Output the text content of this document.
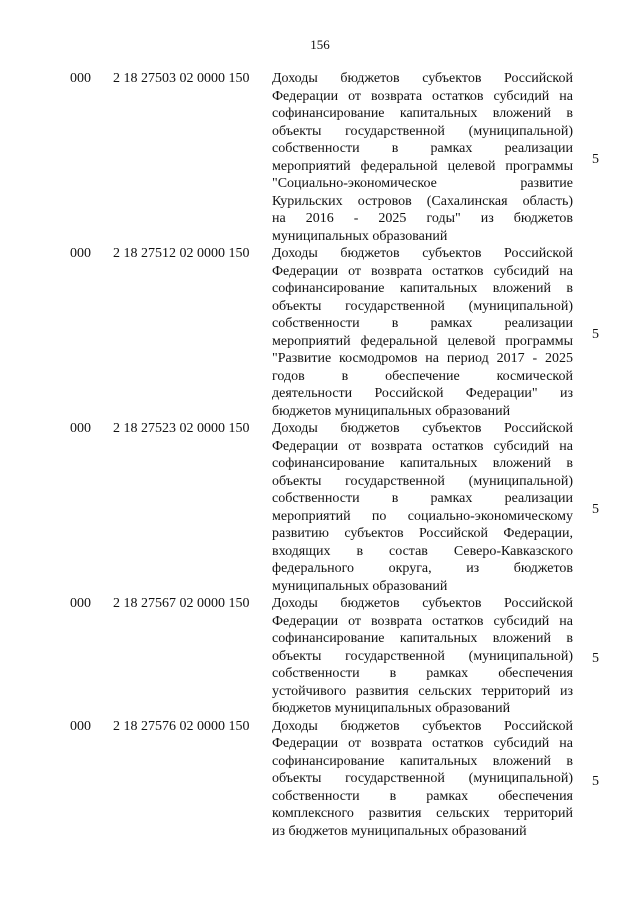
156
000 2 18 27503 02 0000 150 Доходы бюджетов субъектов Российской
Федерации от возврата остатков субсидий на
софинансирование капитальных вложений в
объекты государственной (муниципальной)
собственности в рамках реализации
мероприятий федеральной целевой программы
"Социально-экономическое развитие
Курильских островов (Сахалинская область)
на 2016 - 2025 годы" из бюджетов
муниципальных образований
5
000 2 18 27512 02 0000 150 Доходы бюджетов субъектов Российской
Федерации от возврата остатков субсидий на
софинансирование капитальных вложений в
объекты государственной (муниципальной)
собственности в рамках реализации
мероприятий федеральной целевой программы
"Развитие космодромов на период 2017 - 2025
годов в обеспечение космической
деятельности Российской Федерации" из
бюджетов муниципальных образований
5
000 2 18 27523 02 0000 150 Доходы бюджетов субъектов Российской
Федерации от возврата остатков субсидий на
софинансирование капитальных вложений в
объекты государственной (муниципальной)
собственности в рамках реализации
мероприятий по социально-экономическому
развитию субъектов Российской Федерации,
входящих в состав Северо-Кавказского
федерального округа, из бюджетов
муниципальных образований
5
000 2 18 27567 02 0000 150 Доходы бюджетов субъектов Российской
Федерации от возврата остатков субсидий на
софинансирование капитальных вложений в
объекты государственной (муниципальной)
собственности в рамках обеспечения
устойчивого развития сельских территорий из
бюджетов муниципальных образований
5
000 2 18 27576 02 0000 150 Доходы бюджетов субъектов Российской
Федерации от возврата остатков субсидий на
софинансирование капитальных вложений в
объекты государственной (муниципальной)
собственности в рамках обеспечения
комплексного развития сельских территорий
из бюджетов муниципальных образований
5
